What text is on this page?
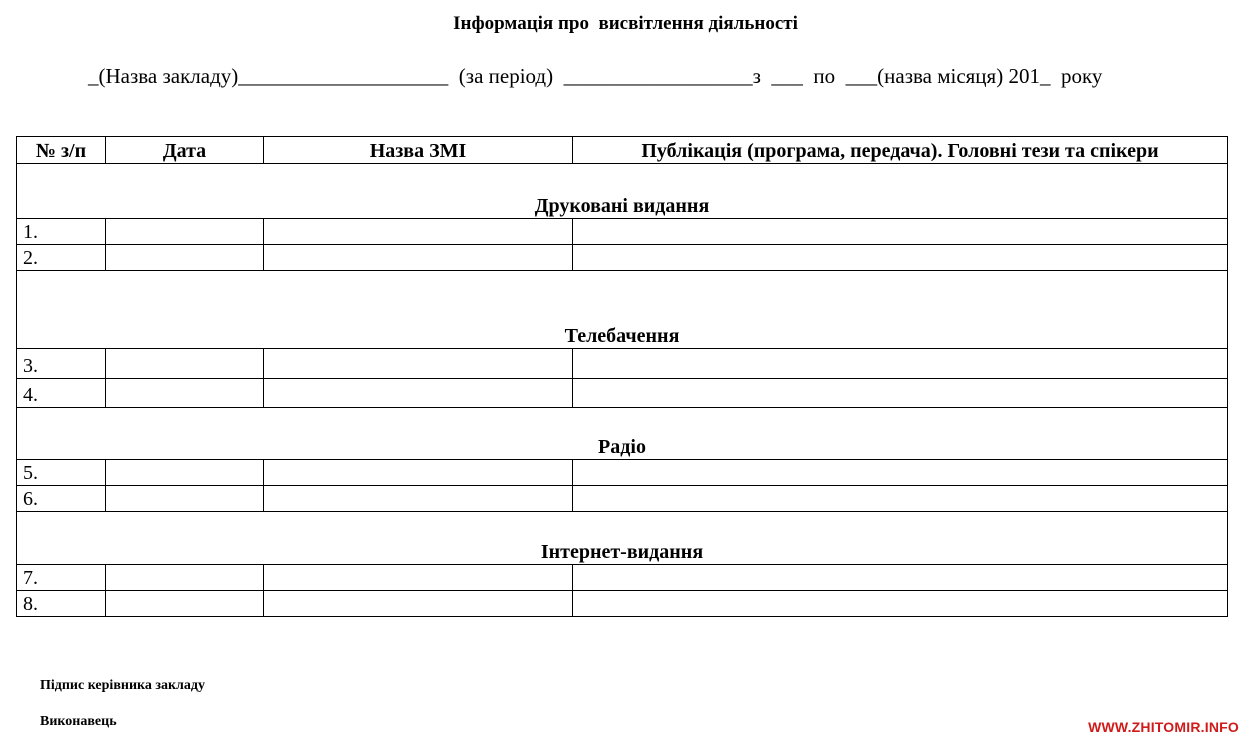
Інформація про  висвітлення діяльності
_(Назва закладу)____________________  (за період)  __________________з  ___  по  ___(назва місяця) 201_  року
№ з/п	Дата	Назва ЗМІ	Публікація (програма, передача). Головні тези та спікери
Друковані видання			
1.			
2.			
Телебачення			
3.			
4.			
Радіо			
5.			
6.			
Інтернет-видання			
7.			
8.			
Підпис керівника закладу
Виконавець	WWW.ZHITOMIR.INFO
